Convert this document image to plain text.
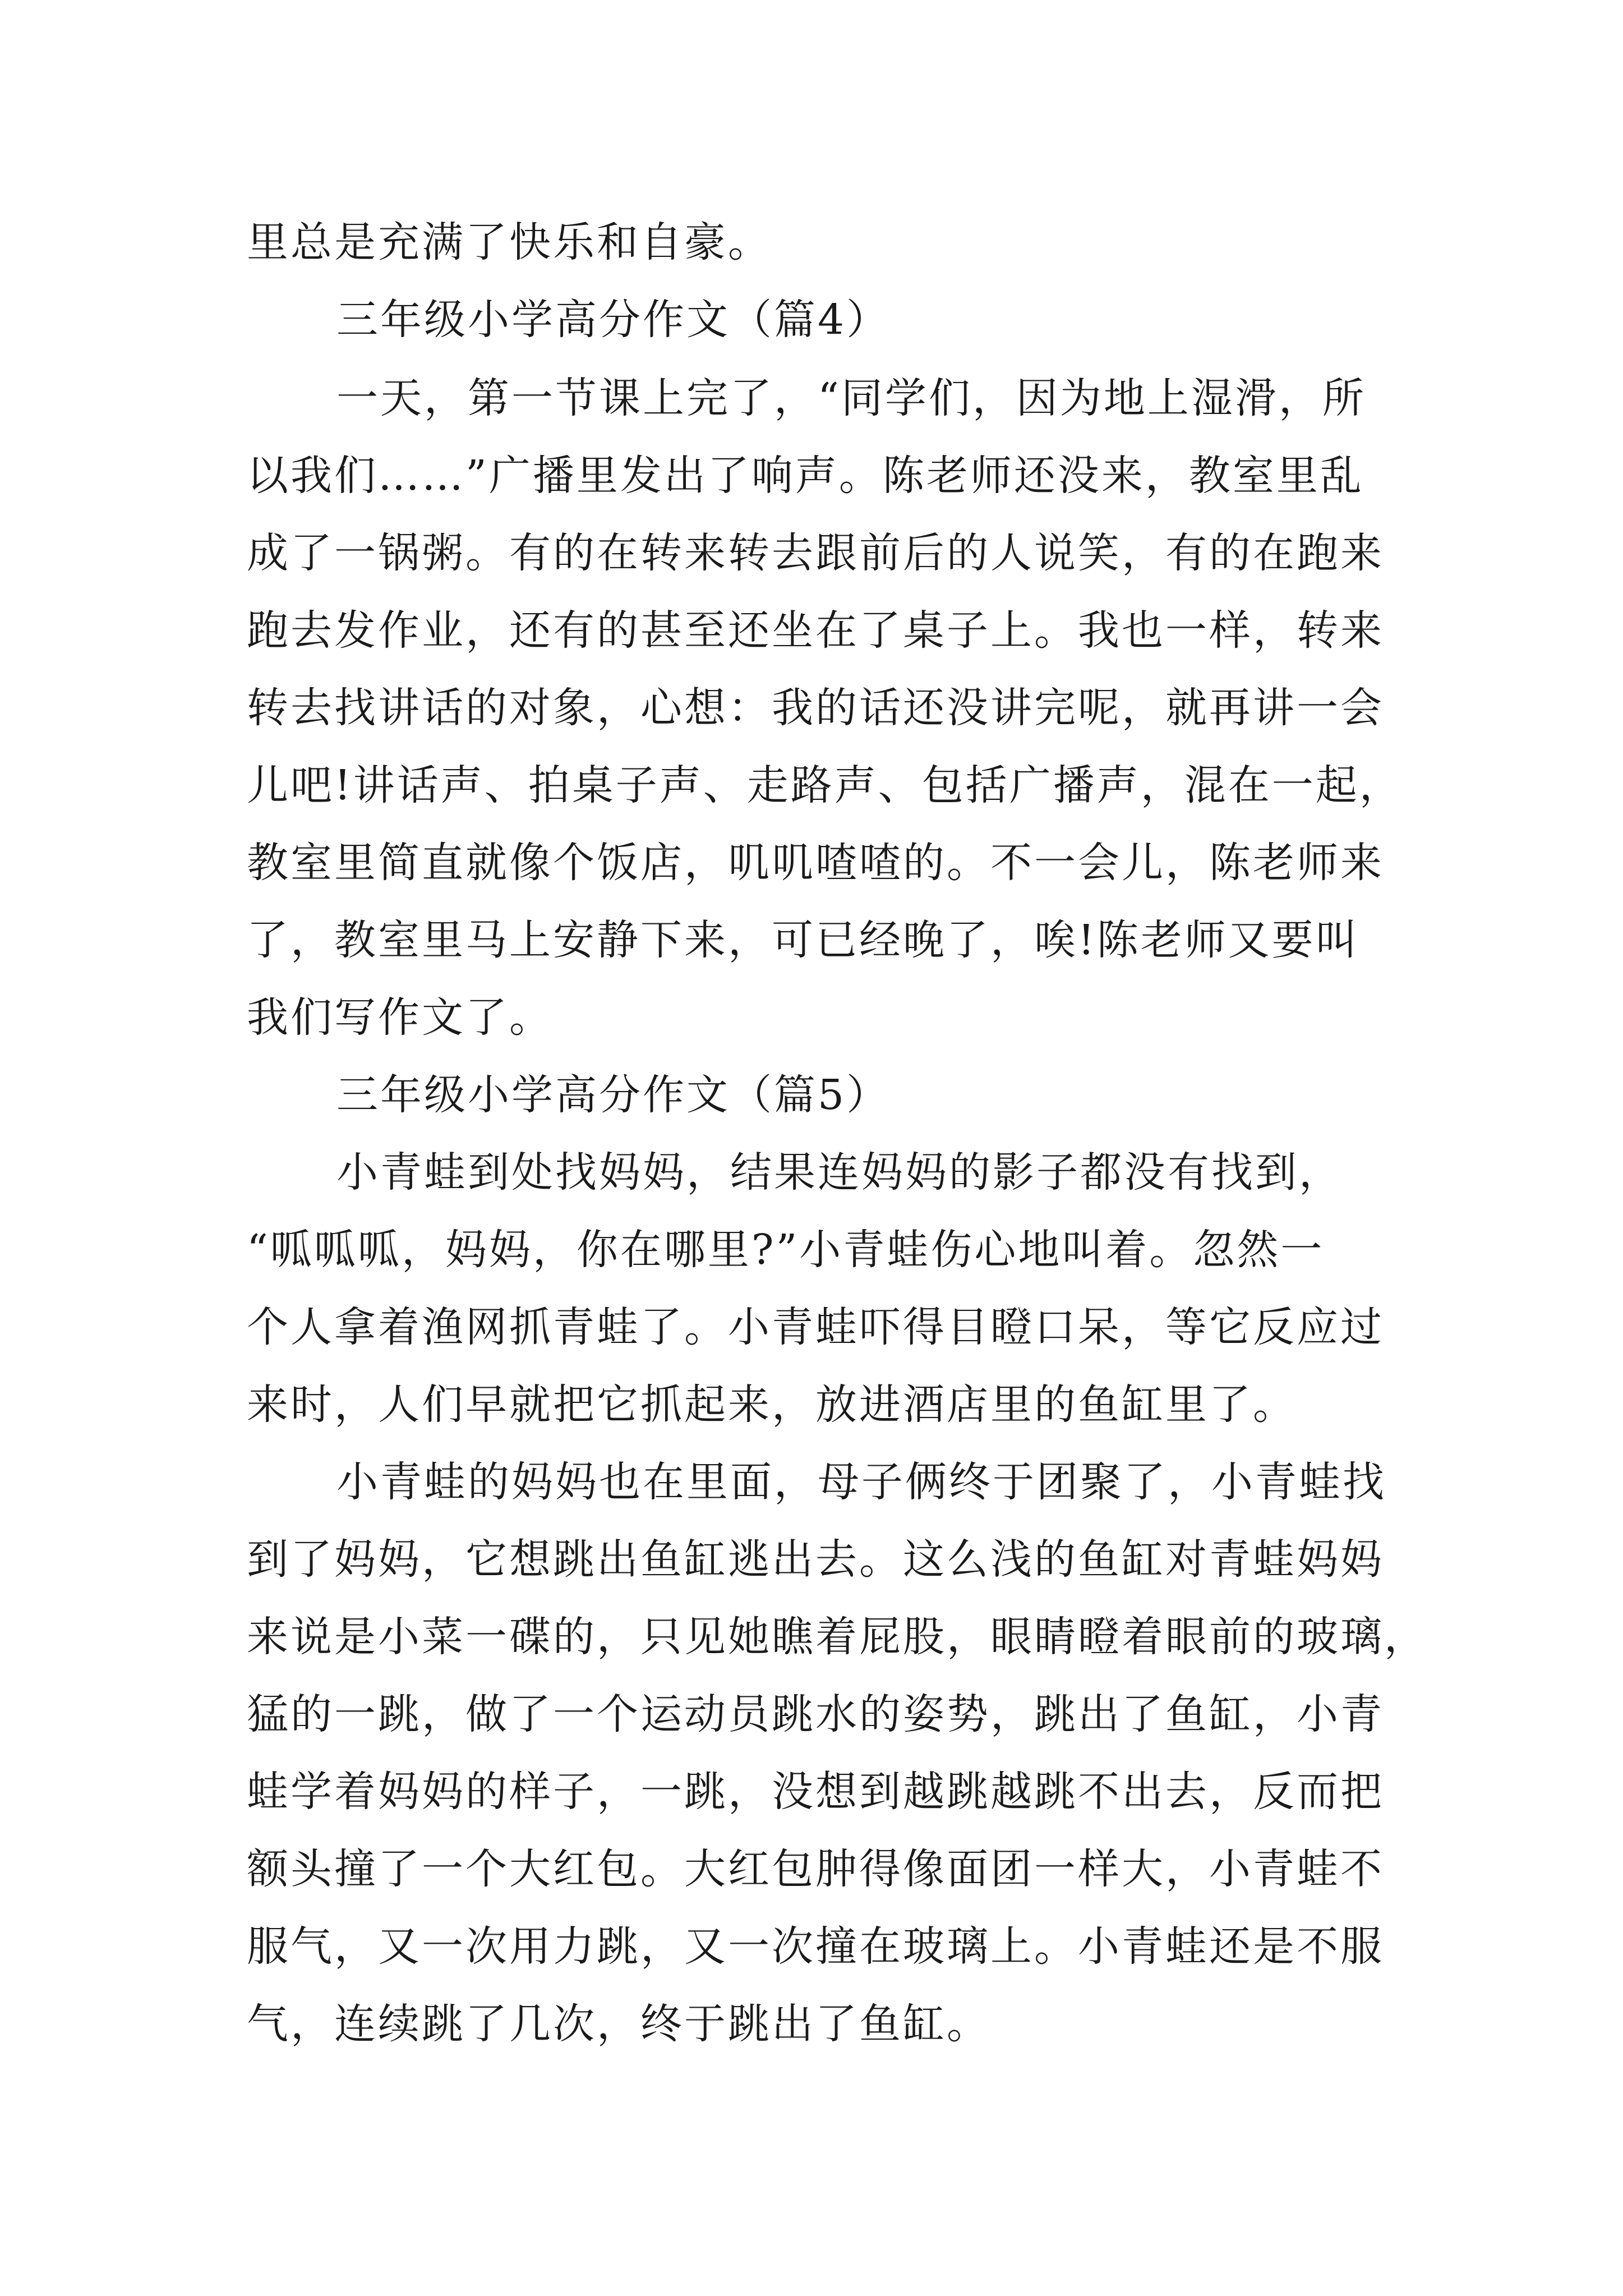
里总是充满了快乐和自豪。
三年级小学高分作文（篇4）
一天，第一节课上完了，“同学们，因为地上湿滑，所
以我们……”广播里发出了响声。陈老师还没来，教室里乱
成了一锅粥。有的在转来转去跟前后的人说笑，有的在跑来
跑去发作业，还有的甚至还坐在了桌子上。我也一样，转来
转去找讲话的对象，心想：我的话还没讲完呢，就再讲一会
儿吧!讲话声、拍桌子声、走路声、包括广播声，混在一起，
教室里简直就像个饭店，叽叽喳喳的。不一会儿，陈老师来
了，教室里马上安静下来，可已经晚了，唉!陈老师又要叫
我们写作文了。
三年级小学高分作文（篇5）
小青蛙到处找妈妈，结果连妈妈的影子都没有找到，
“呱呱呱，妈妈，你在哪里?”小青蛙伤心地叫着。忽然一
个人拿着渔网抓青蛙了。小青蛙吓得目瞪口呆，等它反应过
来时，人们早就把它抓起来，放进酒店里的鱼缸里了。
小青蛙的妈妈也在里面，母子俩终于团聚了，小青蛙找
到了妈妈，它想跳出鱼缸逃出去。这么浅的鱼缸对青蛙妈妈
来说是小菜一碟的，只见她瞧着屁股，眼睛瞪着眼前的玻璃，
猛的一跳，做了一个运动员跳水的姿势，跳出了鱼缸，小青
蛙学着妈妈的样子，一跳，没想到越跳越跳不出去，反而把
额头撞了一个大红包。大红包肿得像面团一样大，小青蛙不
服气，又一次用力跳，又一次撞在玻璃上。小青蛙还是不服
气，连续跳了几次，终于跳出了鱼缸。
